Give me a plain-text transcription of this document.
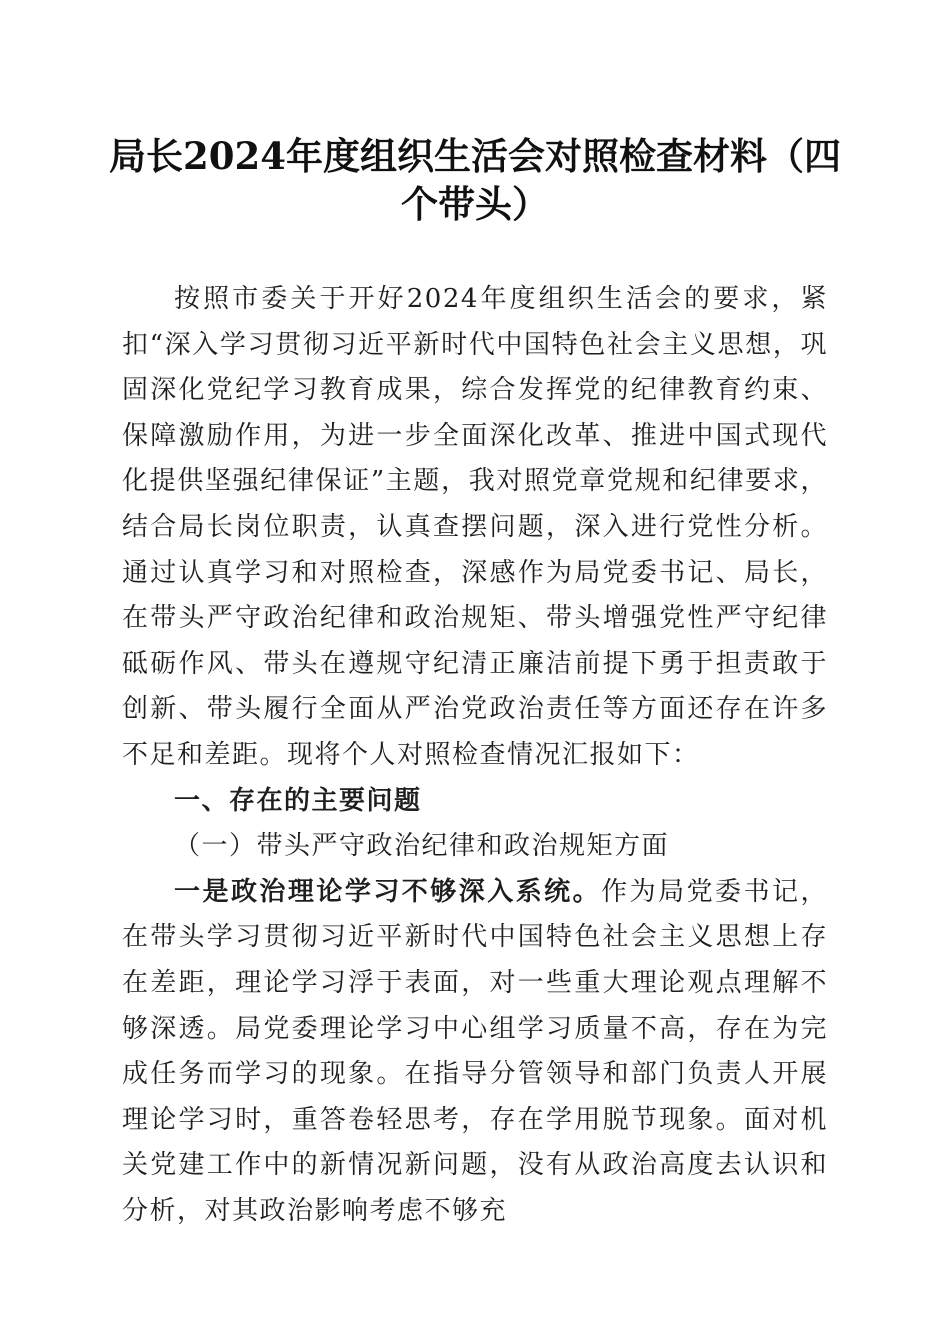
局长2024年度组织生活会对照检查材料（四个带头）

按照市委关于开好2024年度组织生活会的要求，紧扣“深入学习贯彻习近平新时代中国特色社会主义思想，巩固深化党纪学习教育成果，综合发挥党的纪律教育约束、保障激励作用，为进一步全面深化改革、推进中国式现代化提供坚强纪律保证”主题，我对照党章党规和纪律要求，结合局长岗位职责，认真查摆问题，深入进行党性分析。通过认真学习和对照检查，深感作为局党委书记、局长，在带头严守政治纪律和政治规矩、带头增强党性严守纪律砥砺作风、带头在遵规守纪清正廉洁前提下勇于担责敢于创新、带头履行全面从严治党政治责任等方面还存在许多不足和差距。现将个人对照检查情况汇报如下：

一、存在的主要问题

（一）带头严守政治纪律和政治规矩方面

一是政治理论学习不够深入系统。作为局党委书记，在带头学习贯彻习近平新时代中国特色社会主义思想上存在差距，理论学习浮于表面，对一些重大理论观点理解不够深透。局党委理论学习中心组学习质量不高，存在为完成任务而学习的现象。在指导分管领导和部门负责人开展理论学习时，重答卷轻思考，存在学用脱节现象。面对机关党建工作中的新情况新问题，没有从政治高度去认识和分析，对其政治影响考虑不够充
